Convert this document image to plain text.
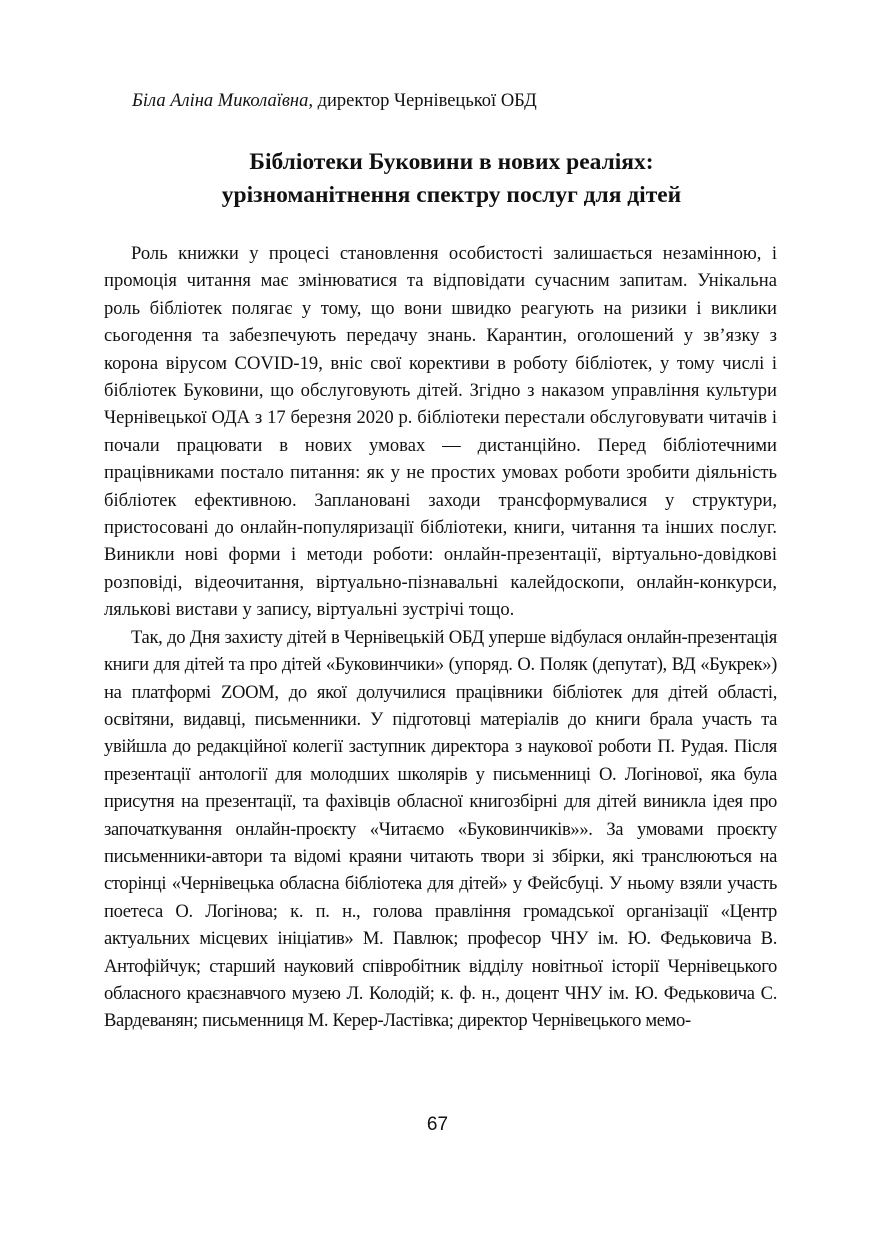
Біла Аліна Миколаївна, директор Чернівецької ОБД

Бібліотеки Буковини в нових реаліях:
урізноманітнення спектру послуг для дітей

Роль книжки у процесі становлення особистості залишається незамінною, і промоція читання має змінюватися та відповідати сучасним запитам. Унікальна роль бібліотек полягає у тому, що вони швидко реагують на ризики і виклики сьогодення та забезпечують передачу знань. Карантин, оголошений у зв’язку з корона вірусом COVID-19, вніс свої корективи в роботу бібліотек, у тому числі і бібліотек Буковини, що обслуговують дітей. Згідно з наказом управління культури Чернівецької ОДА з 17 березня 2020 р. бібліотеки перестали обслуговувати читачів і почали працювати в нових умовах — дистанційно. Перед бібліотечними працівниками постало питання: як у не простих умовах роботи зробити діяльність бібліотек ефективною. Заплановані заходи трансформувалися у структури, пристосовані до онлайн-популяризації бібліотеки, книги, читання та інших послуг. Виникли нові форми і методи роботи: онлайн-презентації, віртуально-довідкові розповіді, відеочитання, віртуально-пізнавальні калейдоскопи, онлайн-конкурси, лялькові вистави у запису, віртуальні зустрічі тощо.

Так, до Дня захисту дітей в Чернівецькій ОБД уперше відбулася онлайн-презентація книги для дітей та про дітей «Буковинчики» (упоряд. О. Поляк (депутат), ВД «Букрек») на платформі ZOOM, до якої долучилися працівники бібліотек для дітей області, освітяни, видавці, письменники. У підготовці матеріалів до книги брала участь та увійшла до редакційної колегії заступник директора з наукової роботи П. Рудая. Після презентації антології для молодших школярів у письменниці О. Логінової, яка була присутня на презентації, та фахівців обласної книгозбірні для дітей виникла ідея про започаткування онлайн-проєкту «Читаємо «Буковинчиків»». За умовами проєкту письменники-автори та відомі краяни читають твори зі збірки, які транслюються на сторінці «Чернівецька обласна бібліотека для дітей» у Фейсбуці. У ньому взяли участь поетеса О. Логінова; к. п. н., голова правління громадської організації «Центр актуальних місцевих ініціатив» М. Павлюк; професор ЧНУ ім. Ю. Федьковича В. Антофійчук; старший науковий співробітник відділу новітньої історії Чернівецького обласного краєзнавчого музею Л. Колодій; к. ф. н., доцент ЧНУ ім. Ю. Федьковича С. Вардеванян; письменниця М. Керер-Ластівка; директор Чернівецького мемо-

67
